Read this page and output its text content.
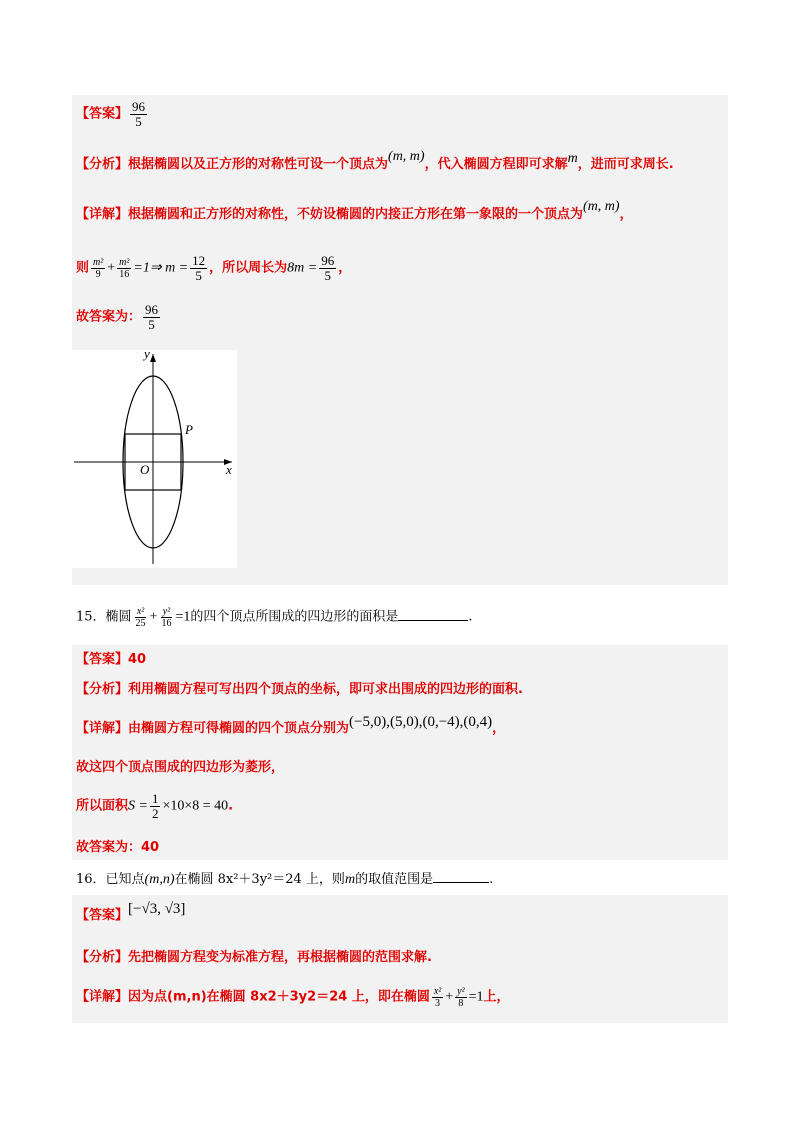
【答案】 $\frac{96}{5}$
【分析】根据椭圆以及正方形的对称性可设一个顶点为(m, m)，代入椭圆方程即可求解m，进而可求周长.
【详解】根据椭圆和正方形的对称性，不妨设椭圆的内接正方形在第一象限的一个顶点为(m, m)，
则 $\frac{\text{m²}}{9} + \frac{\text{m²}}{16}$ =1⇒ $m = \frac{12}{5}$ ，所以周长为$8m = \frac{96}{5}$ ，
故答案为： $\frac{96}{5}$
y
x
O
P
15．椭圆 $\frac{\text{x²}}{25} + \frac{\text{y²}}{16} =1$的四个顶点所围成的四边形的面积是	.
【答案】40
【分析】利用椭圆方程可写出四个顶点的坐标，即可求出围成的四边形的面积.
【详解】由椭圆方程可得椭圆的四个顶点分别为(−5,0),(5,0),(0,−4),(0,4)，
故这四个顶点围成的四边形为菱形，
所以面积$S = \frac{1}{2} \times 10\times 8 = 40$.
故答案为：40
16．已知点(m,n)在椭圆 8x²＋3y²＝24 上，则m的取值范围是	.
【答案】[−√3, √3]
【分析】先把椭圆方程变为标准方程，再根据椭圆的范围求解.
【详解】因为点(m,n)在椭圆 8x2＋3y2＝24 上，即在椭圆 $\frac{\text{x²}}{3} + \frac{\text{y²}}{8} =1$上，
